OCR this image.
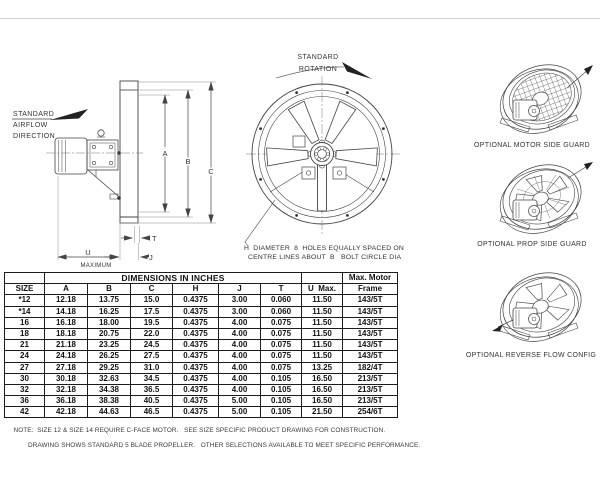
STANDARD
AIRFLOW
DIRECTION
A
B
C
T
J
U
MAXIMUM
STANDARD
ROTATION
H  DIAMETER  8  HOLES EQUALLY SPACED ON
CENTRE LINES ABOUT  B   BOLT CIRCLE DIA
OPTIONAL MOTOR SIDE GUARD
OPTIONAL PROP SIDE GUARD
OPTIONAL REVERSE FLOW CONFIG
	DIMENSIONS IN INCHES							Max. Motor
SIZE	A	B	C	H	J	T	U  Max.	Frame
*12	12.18	13.75	15.0	0.4375	3.00	0.060	11.50	143/5T
*14	14.18	16.25	17.5	0.4375	3.00	0.060	11.50	143/5T
16	16.18	18.00	19.5	0.4375	4.00	0.075	11.50	143/5T
18	18.18	20.75	22.0	0.4375	4.00	0.075	11.50	143/5T
21	21.18	23.25	24.5	0.4375	4.00	0.075	11.50	143/5T
24	24.18	26.25	27.5	0.4375	4.00	0.075	11.50	143/5T
27	27.18	29.25	31.0	0.4375	4.00	0.075	13.25	182/4T
30	30.18	32.63	34.5	0.4375	4.00	0.105	16.50	213/5T
32	32.18	34.38	36.5	0.4375	4.00	0.105	16.50	213/5T
36	36.18	38.38	40.5	0.4375	5.00	0.105	16.50	213/5T
42	42.18	44.63	46.5	0.4375	5.00	0.105	21.50	254/6T

NOTE:  SIZE 12 & SIZE 14 REQUIRE C-FACE MOTOR.   SEE SIZE SPECIFIC PRODUCT DRAWING FOR CONSTRUCTION.

DRAWING SHOWS STANDARD 5 BLADE PROPELLER.   OTHER SELECTIONS AVAILABLE TO MEET SPECIFIC PERFORMANCE.
